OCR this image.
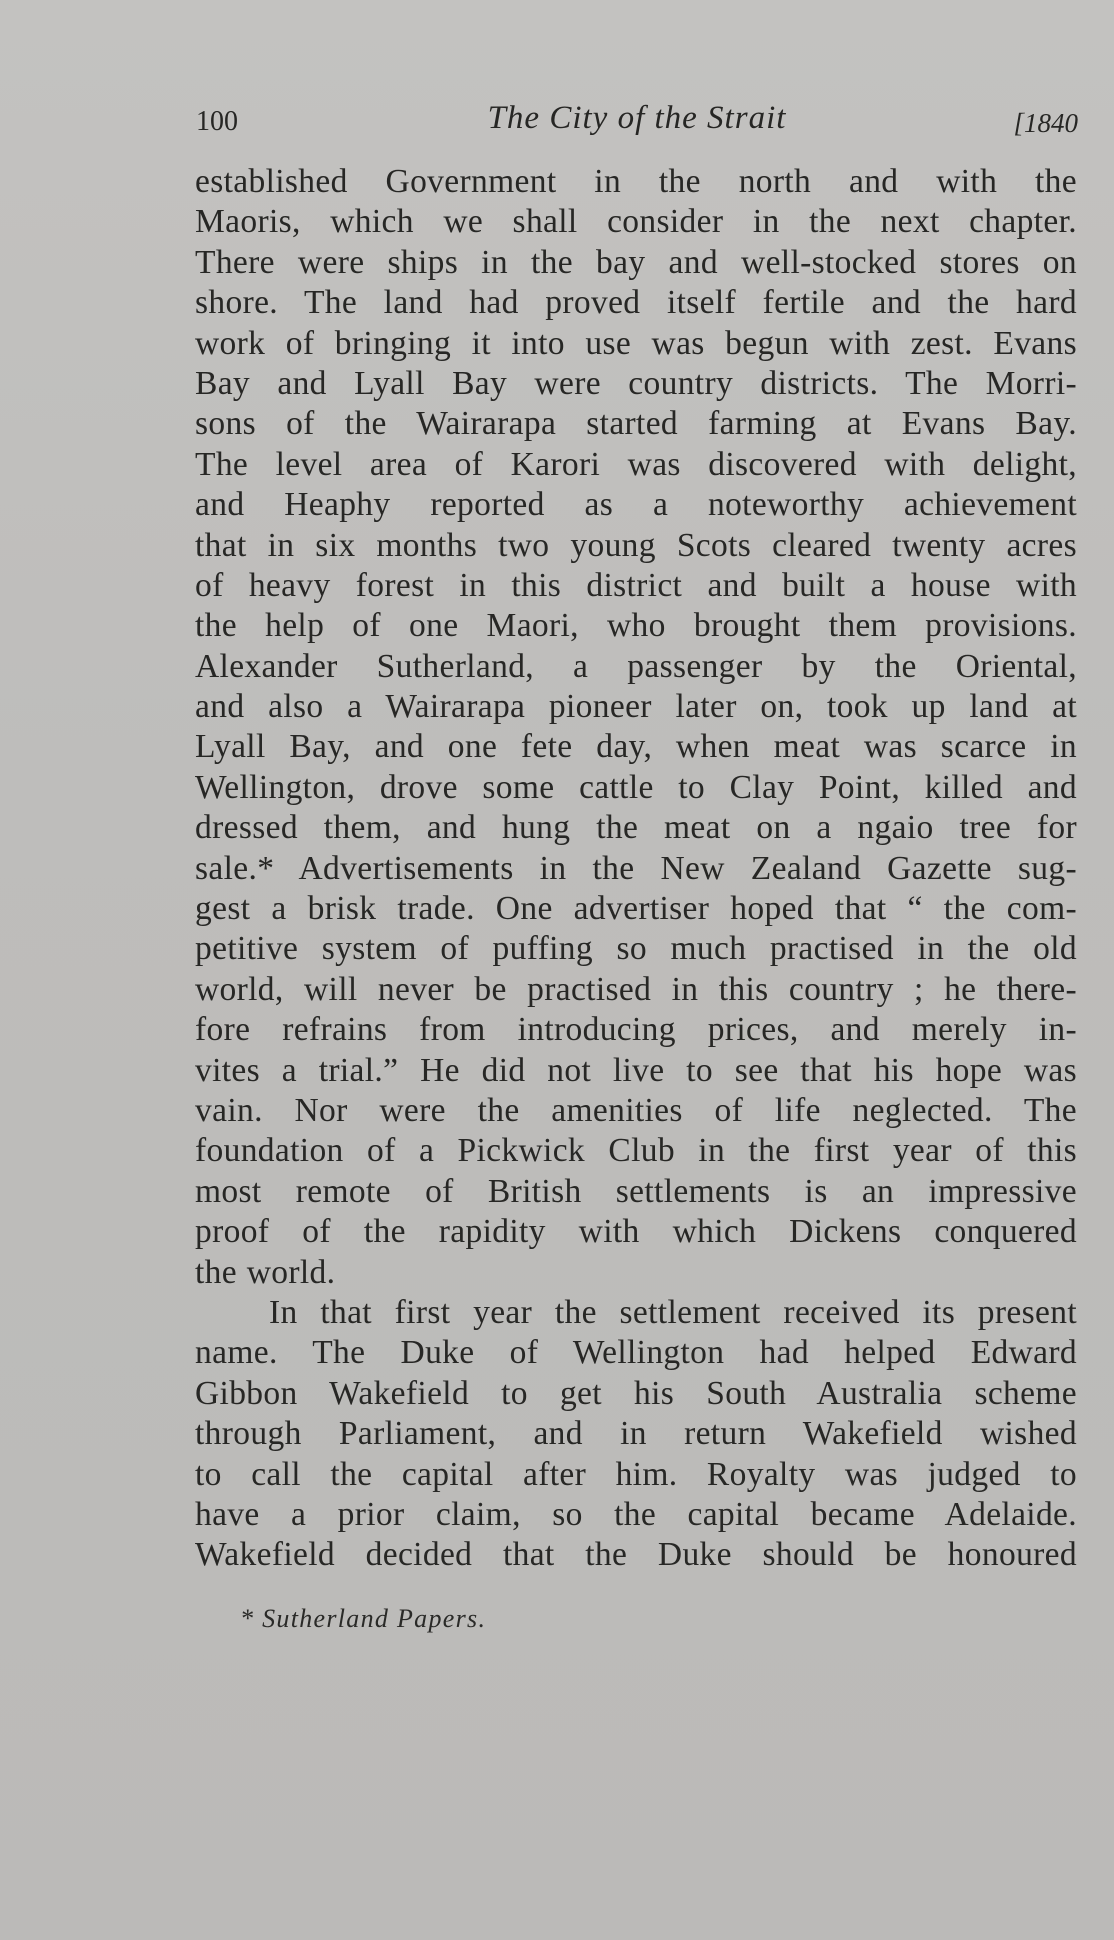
100	The City of the Strait	[1840
established Government in the north and with the
Maoris, which we shall consider in the next chapter.
There were ships in the bay and well-stocked stores on
shore. The land had proved itself fertile and the hard
work of bringing it into use was begun with zest. Evans
Bay and Lyall Bay were country districts. The Morri-
sons of the Wairarapa started farming at Evans Bay.
The level area of Karori was discovered with delight,
and Heaphy reported as a noteworthy achievement
that in six months two young Scots cleared twenty acres
of heavy forest in this district and built a house with
the help of one Maori, who brought them provisions.
Alexander Sutherland, a passenger by the Oriental,
and also a Wairarapa pioneer later on, took up land at
Lyall Bay, and one fete day, when meat was scarce in
Wellington, drove some cattle to Clay Point, killed and
dressed them, and hung the meat on a ngaio tree for
sale.* Advertisements in the New Zealand Gazette sug-
gest a brisk trade. One advertiser hoped that “ the com-
petitive system of puffing so much practised in the old
world, will never be practised in this country ; he there-
fore refrains from introducing prices, and merely in-
vites a trial.” He did not live to see that his hope was
vain. Nor were the amenities of life neglected. The
foundation of a Pickwick Club in the first year of this
most remote of British settlements is an impressive
proof of the rapidity with which Dickens conquered
the world.
In that first year the settlement received its present
name. The Duke of Wellington had helped Edward
Gibbon Wakefield to get his South Australia scheme
through Parliament, and in return Wakefield wished
to call the capital after him. Royalty was judged to
have a prior claim, so the capital became Adelaide.
Wakefield decided that the Duke should be honoured
* Sutherland Papers.
